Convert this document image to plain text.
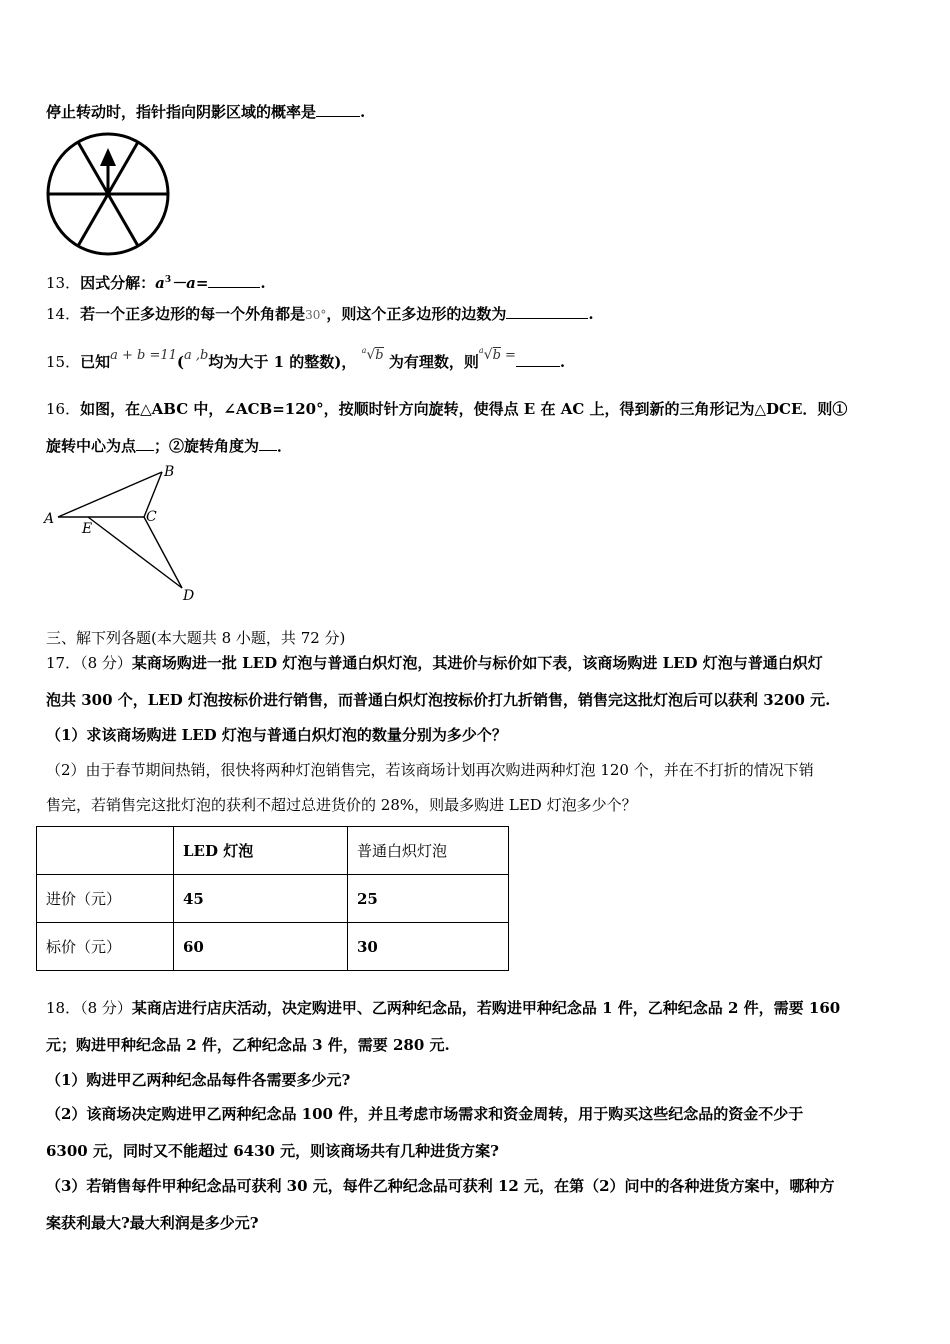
停止转动时，指针指向阴影区域的概率是	.
13．因式分解：$a^3-a=$	.
14．若一个正多边形的每一个外角都是30°，则这个正多边形的边数为	.
15．已知a + b =11(a ,b均为大于 1 的整数)， $^a$√b 为有理数，则$^a$√b =	.
16．如图，在△ABC 中，∠ACB=120°，按顺时针方向旋转，使得点 E 在 AC 上，得到新的三角形记为△DCE．则①
旋转中心为点 ；②旋转角度为 ．
A
B
C
D
E
三、解下列各题(本大题共 8 小题，共 72 分)
17．（8 分）某商场购进一批 LED 灯泡与普通白炽灯泡，其进价与标价如下表，该商场购进 LED 灯泡与普通白炽灯
泡共 300 个，LED 灯泡按标价进行销售，而普通白炽灯泡按标价打九折销售，销售完这批灯泡后可以获利 3200 元.
（1）求该商场购进 LED 灯泡与普通白炽灯泡的数量分别为多少个？
（2）由于春节期间热销，很快将两种灯泡销售完，若该商场计划再次购进两种灯泡 120 个，并在不打折的情况下销
售完，若销售完这批灯泡的获利不超过总进货价的 28%，则最多购进 LED 灯泡多少个？
	LED 灯泡	普通白炽灯泡
进价（元）	45	25
标价（元）	60	30
18．（8 分）某商店进行店庆活动，决定购进甲、乙两种纪念品，若购进甲种纪念品 1 件，乙种纪念品 2 件，需要 160
元；购进甲种纪念品 2 件，乙种纪念品 3 件，需要 280 元.
（1）购进甲乙两种纪念品每件各需要多少元?
（2）该商场决定购进甲乙两种纪念品 100 件，并且考虑市场需求和资金周转，用于购买这些纪念品的资金不少于
6300 元，同时又不能超过 6430 元，则该商场共有几种进货方案?
（3）若销售每件甲种纪念品可获利 30 元，每件乙种纪念品可获利 12 元，在第（2）问中的各种进货方案中，哪种方
案获利最大?最大利润是多少元?
